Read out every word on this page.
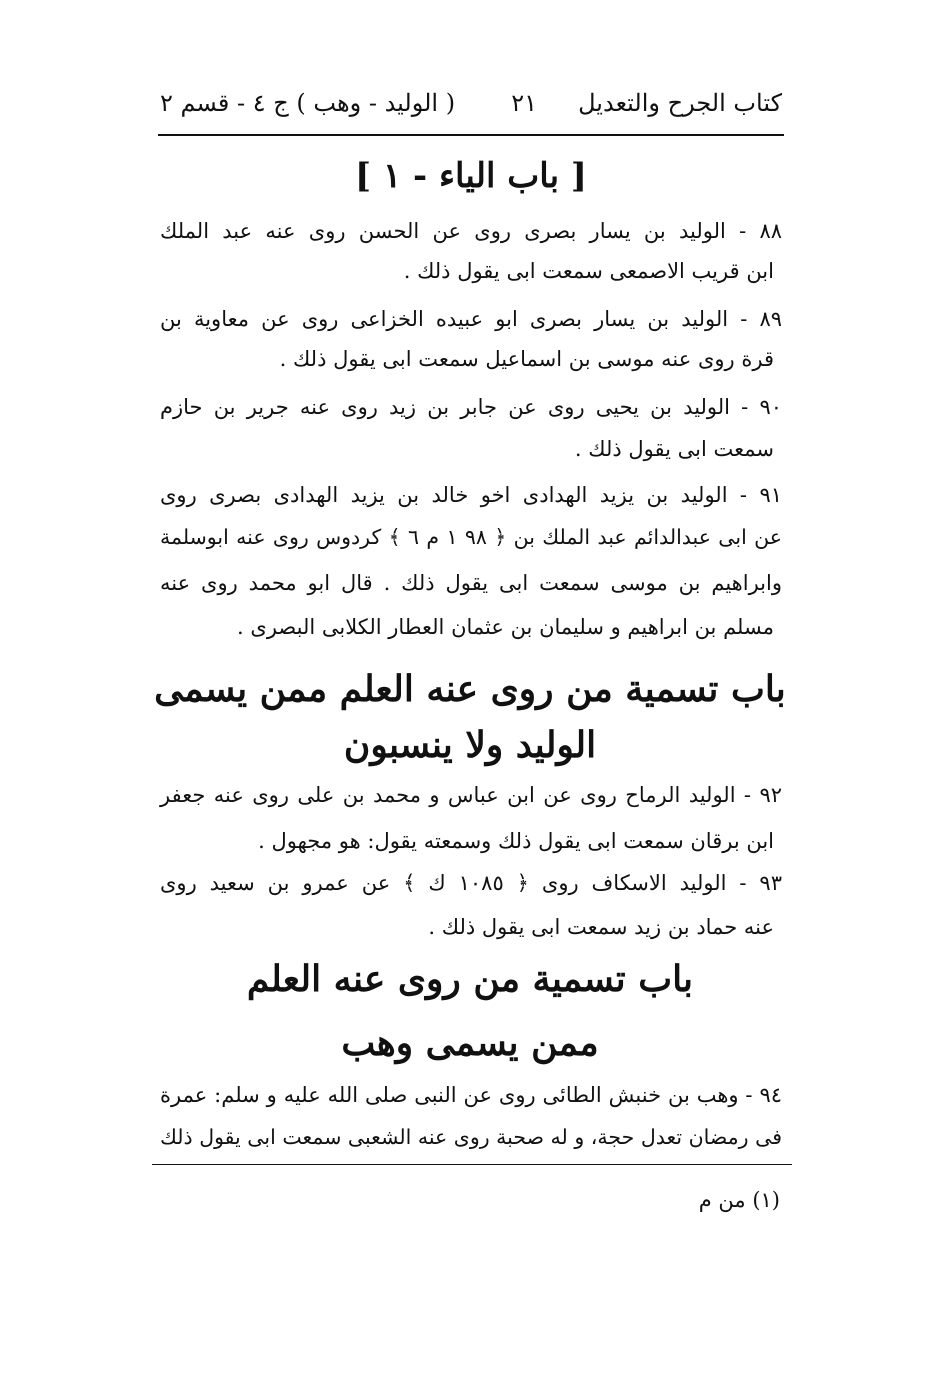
كتاب الجرح والتعديل
٢١
( الوليد - وهب ) ج ٤ - قسم ٢
[ باب الياء - ١ ]
٨٨ - الوليد بن يسار بصرى روى عن الحسن روى عنه عبد الملك
ابن قريب الاصمعى سمعت ابى يقول ذلك .
٨٩ - الوليد بن يسار بصرى ابو عبيده الخزاعى روى عن معاوية بن
قرة روى عنه موسى بن اسماعيل سمعت ابى يقول ذلك .
٩٠ - الوليد بن يحيى روى عن جابر بن زيد روى عنه جرير بن حازم
سمعت ابى يقول ذلك .
٩١ - الوليد بن يزيد الهدادى اخو خالد بن يزيد الهدادى بصرى روى
عن ابى عبدالدائم عبد الملك بن ﴿ ٩٨ ١ م ٦ ﴾ كردوس روى عنه ابوسلمة
وابراهيم بن موسى سمعت ابى يقول ذلك . قال ابو محمد روى عنه
مسلم بن ابراهيم و سليمان بن عثمان العطار الكلابى البصرى .
باب تسمية من روى عنه العلم ممن يسمى
الوليد ولا ينسبون
٩٢ - الوليد الرماح روى عن ابن عباس و محمد بن على روى عنه جعفر
ابن برقان سمعت ابى يقول ذلك وسمعته يقول: هو مجهول .
٩٣ - الوليد الاسكاف روى ﴿ ١٠٨٥ ك ﴾ عن عمرو بن سعيد روى
عنه حماد بن زيد سمعت ابى يقول ذلك .
باب تسمية من روى عنه العلم
ممن يسمى وهب
٩٤ - وهب بن خنبش الطائى روى عن النبى صلى الله عليه و سلم: عمرة
فى رمضان تعدل حجة، و له صحبة روى عنه الشعبى سمعت ابى يقول ذلك
(١) من م
